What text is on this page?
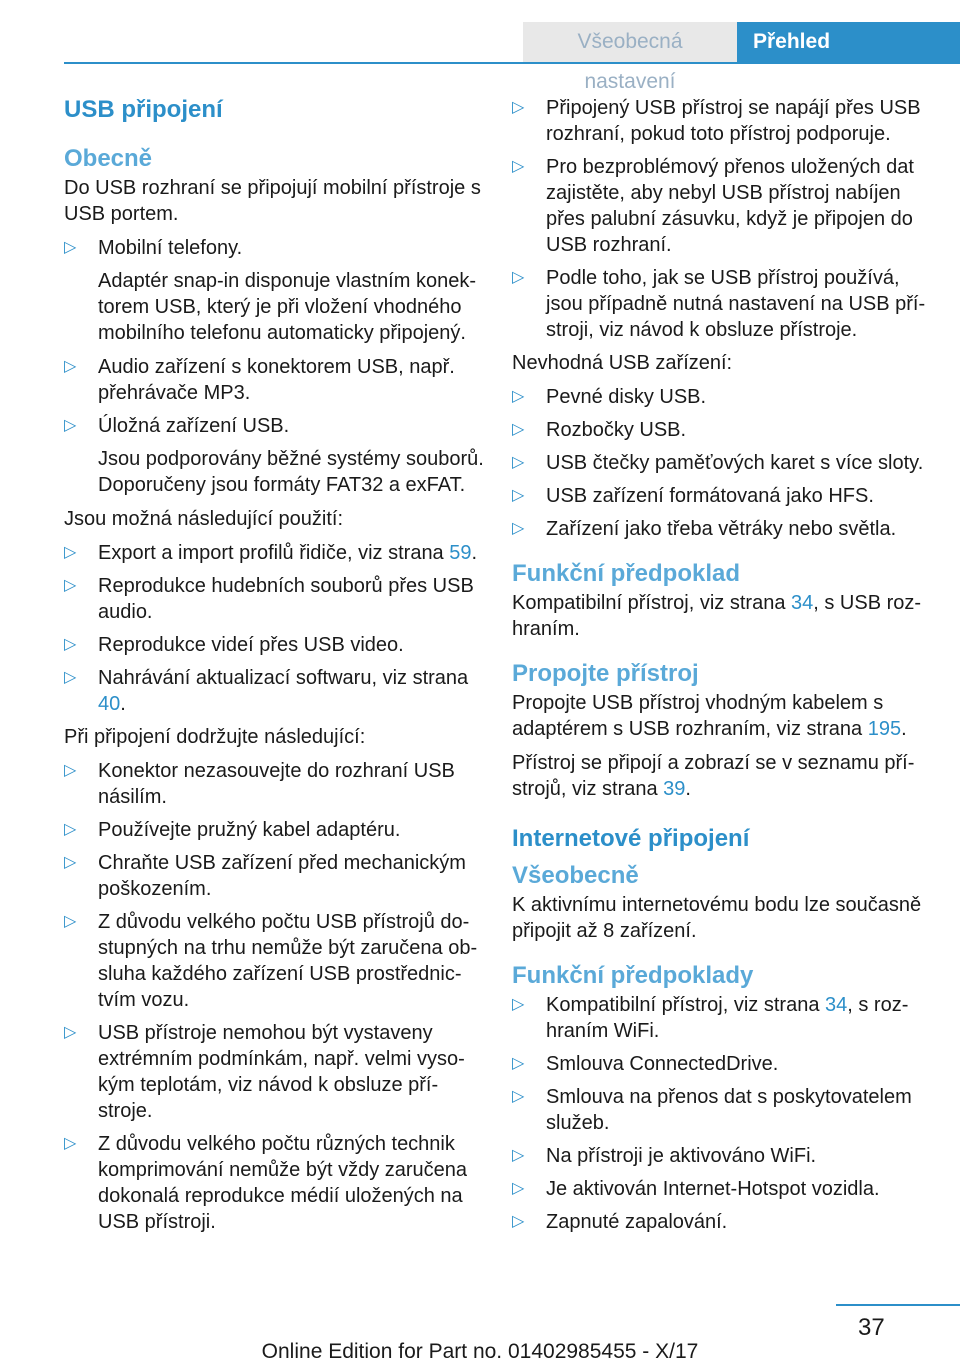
Všeobecná nastavení
Přehled
USB připojení
Obecně

Do USB rozhraní se připojují mobilní přístroje s USB portem.

▷ Mobilní telefony.

Adaptér snap-in disponuje vlastním konektorem USB, který je při vložení vhodného mobilního telefonu automaticky připojený.

▷ Audio zařízení s konektorem USB, např. přehrávače MP3.
▷ Úložná zařízení USB.

Jsou podporovány běžné systémy souborů. Doporučeny jsou formáty FAT32 a exFAT.

Jsou možná následující použití:

▷ Export a import profilů řidiče, viz strana 59.
▷ Reprodukce hudebních souborů přes USB audio.
▷ Reprodukce videí přes USB video.
▷ Nahrávání aktualizací softwaru, viz strana 40.

Při připojení dodržujte následující:

▷ Konektor nezasouvejte do rozhraní USB násilím.
▷ Používejte pružný kabel adaptéru.
▷ Chraňte USB zařízení před mechanickým poškozením.
▷ Z důvodu velkého počtu USB přístrojů dostupných na trhu nemůže být zaručena obsluha každého zařízení USB prostřednictvím vozu.
▷ USB přístroje nemohou být vystaveny extrémním podmínkám, např. velmi vysokým teplotám, viz návod k obsluze přístroje.
▷ Z důvodu velkého počtu různých technik komprimování nemůže být vždy zaručena dokonalá reprodukce médií uložených na USB přístroji.
▷ Připojený USB přístroj se napájí přes USB rozhraní, pokud toto přístroj podporuje.
▷ Pro bezproblémový přenos uložených dat zajistěte, aby nebyl USB přístroj nabíjen přes palubní zásuvku, když je připojen do USB rozhraní.
▷ Podle toho, jak se USB přístroj používá, jsou případně nutná nastavení na USB přístroji, viz návod k obsluze přístroje.

Nevhodná USB zařízení:

▷ Pevné disky USB.
▷ Rozbočky USB.
▷ USB čtečky paměťových karet s více sloty.
▷ USB zařízení formátovaná jako HFS.
▷ Zařízení jako třeba větráky nebo světla.
Funkční předpoklad

Kompatibilní přístroj, viz strana 34, s USB rozhraním.

Propojte přístroj

Propojte USB přístroj vhodným kabelem s adaptérem s USB rozhraním, viz strana 195.

Přístroj se připojí a zobrazí se v seznamu přístrojů, viz strana 39.

Internetové připojení
Všeobecně

K aktivnímu internetovému bodu lze současně připojit až 8 zařízení.

Funkční předpoklady
▷ Kompatibilní přístroj, viz strana 34, s rozhraním WiFi.
▷ Smlouva ConnectedDrive.
▷ Smlouva na přenos dat s poskytovatelem služeb.
▷ Na přístroji je aktivováno WiFi.
▷ Je aktivován Internet-Hotspot vozidla.
▷ Zapnuté zapalování.
37
Online Edition for Part no. 01402985455 - X/17
